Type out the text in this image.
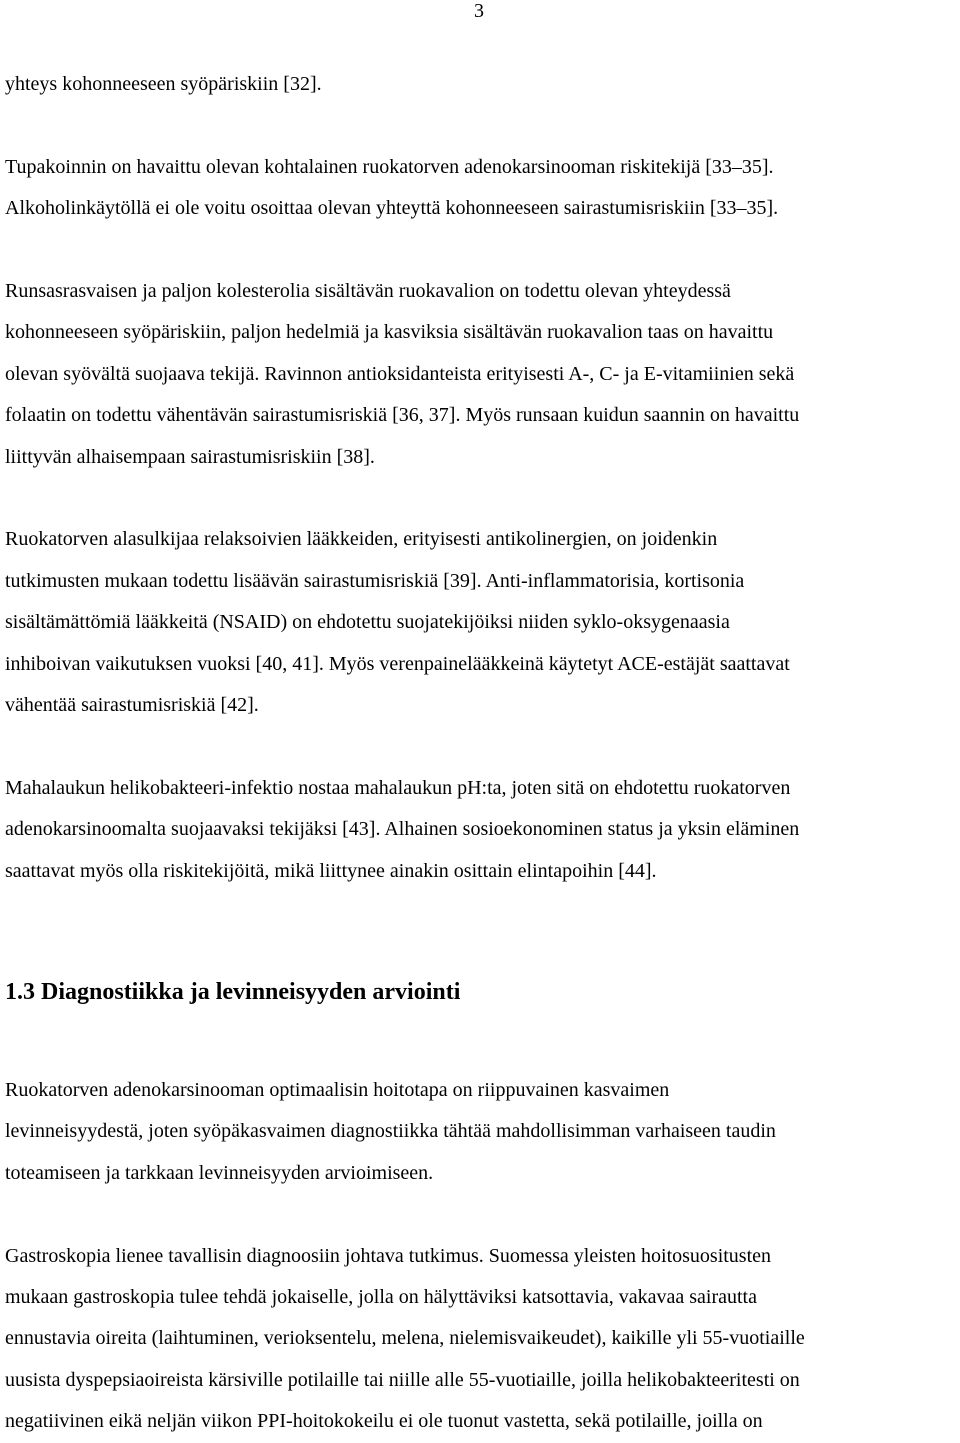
3

yhteys kohonneeseen syöpäriskiin [32].

Tupakoinnin on havaittu olevan kohtalainen ruokatorven adenokarsinooman riskitekijä [33–35].
Alkoholinkäytöllä ei ole voitu osoittaa olevan yhteyttä kohonneeseen sairastumisriskiin [33–35].

Runsasrasvaisen ja paljon kolesterolia sisältävän ruokavalion on todettu olevan yhteydessä
kohonneeseen syöpäriskiin, paljon hedelmiä ja kasviksia sisältävän ruokavalion taas on havaittu
olevan syövältä suojaava tekijä. Ravinnon antioksidanteista erityisesti A-, C- ja E-vitamiinien sekä
folaatin on todettu vähentävän sairastumisriskiä [36, 37]. Myös runsaan kuidun saannin on havaittu
liittyvän alhaisempaan sairastumisriskiin [38].

Ruokatorven alasulkijaa relaksoivien lääkkeiden, erityisesti antikolinergien, on joidenkin
tutkimusten mukaan todettu lisäävän sairastumisriskiä [39]. Anti-inflammatorisia, kortisonia
sisältämättömiä lääkkeitä (NSAID) on ehdotettu suojatekijöiksi niiden syklo-oksygenaasia
inhiboivan vaikutuksen vuoksi [40, 41]. Myös verenpainelääkkeinä käytetyt ACE-estäjät saattavat
vähentää sairastumisriskiä [42].

Mahalaukun helikobakteeri-infektio nostaa mahalaukun pH:ta, joten sitä on ehdotettu ruokatorven
adenokarsinoomalta suojaavaksi tekijäksi [43]. Alhainen sosioekonominen status ja yksin eläminen
saattavat myös olla riskitekijöitä, mikä liittynee ainakin osittain elintapoihin [44].

1.3 Diagnostiikka ja levinneisyyden arviointi

Ruokatorven adenokarsinooman optimaalisin hoitotapa on riippuvainen kasvaimen
levinneisyydestä, joten syöpäkasvaimen diagnostiikka tähtää mahdollisimman varhaiseen taudin
toteamiseen ja tarkkaan levinneisyyden arvioimiseen.

Gastroskopia lienee tavallisin diagnoosiin johtava tutkimus. Suomessa yleisten hoitosuositusten
mukaan gastroskopia tulee tehdä jokaiselle, jolla on hälyttäviksi katsottavia, vakavaa sairautta
ennustavia oireita (laihtuminen, verioksentelu, melena, nielemisvaikeudet), kaikille yli 55-vuotiaille
uusista dyspepsiaoireista kärsiville potilaille tai niille alle 55-vuotiaille, joilla helikobakteeritesti on
negatiivinen eikä neljän viikon PPI-hoitokokeilu ei ole tuonut vastetta, sekä potilaille, joilla on
